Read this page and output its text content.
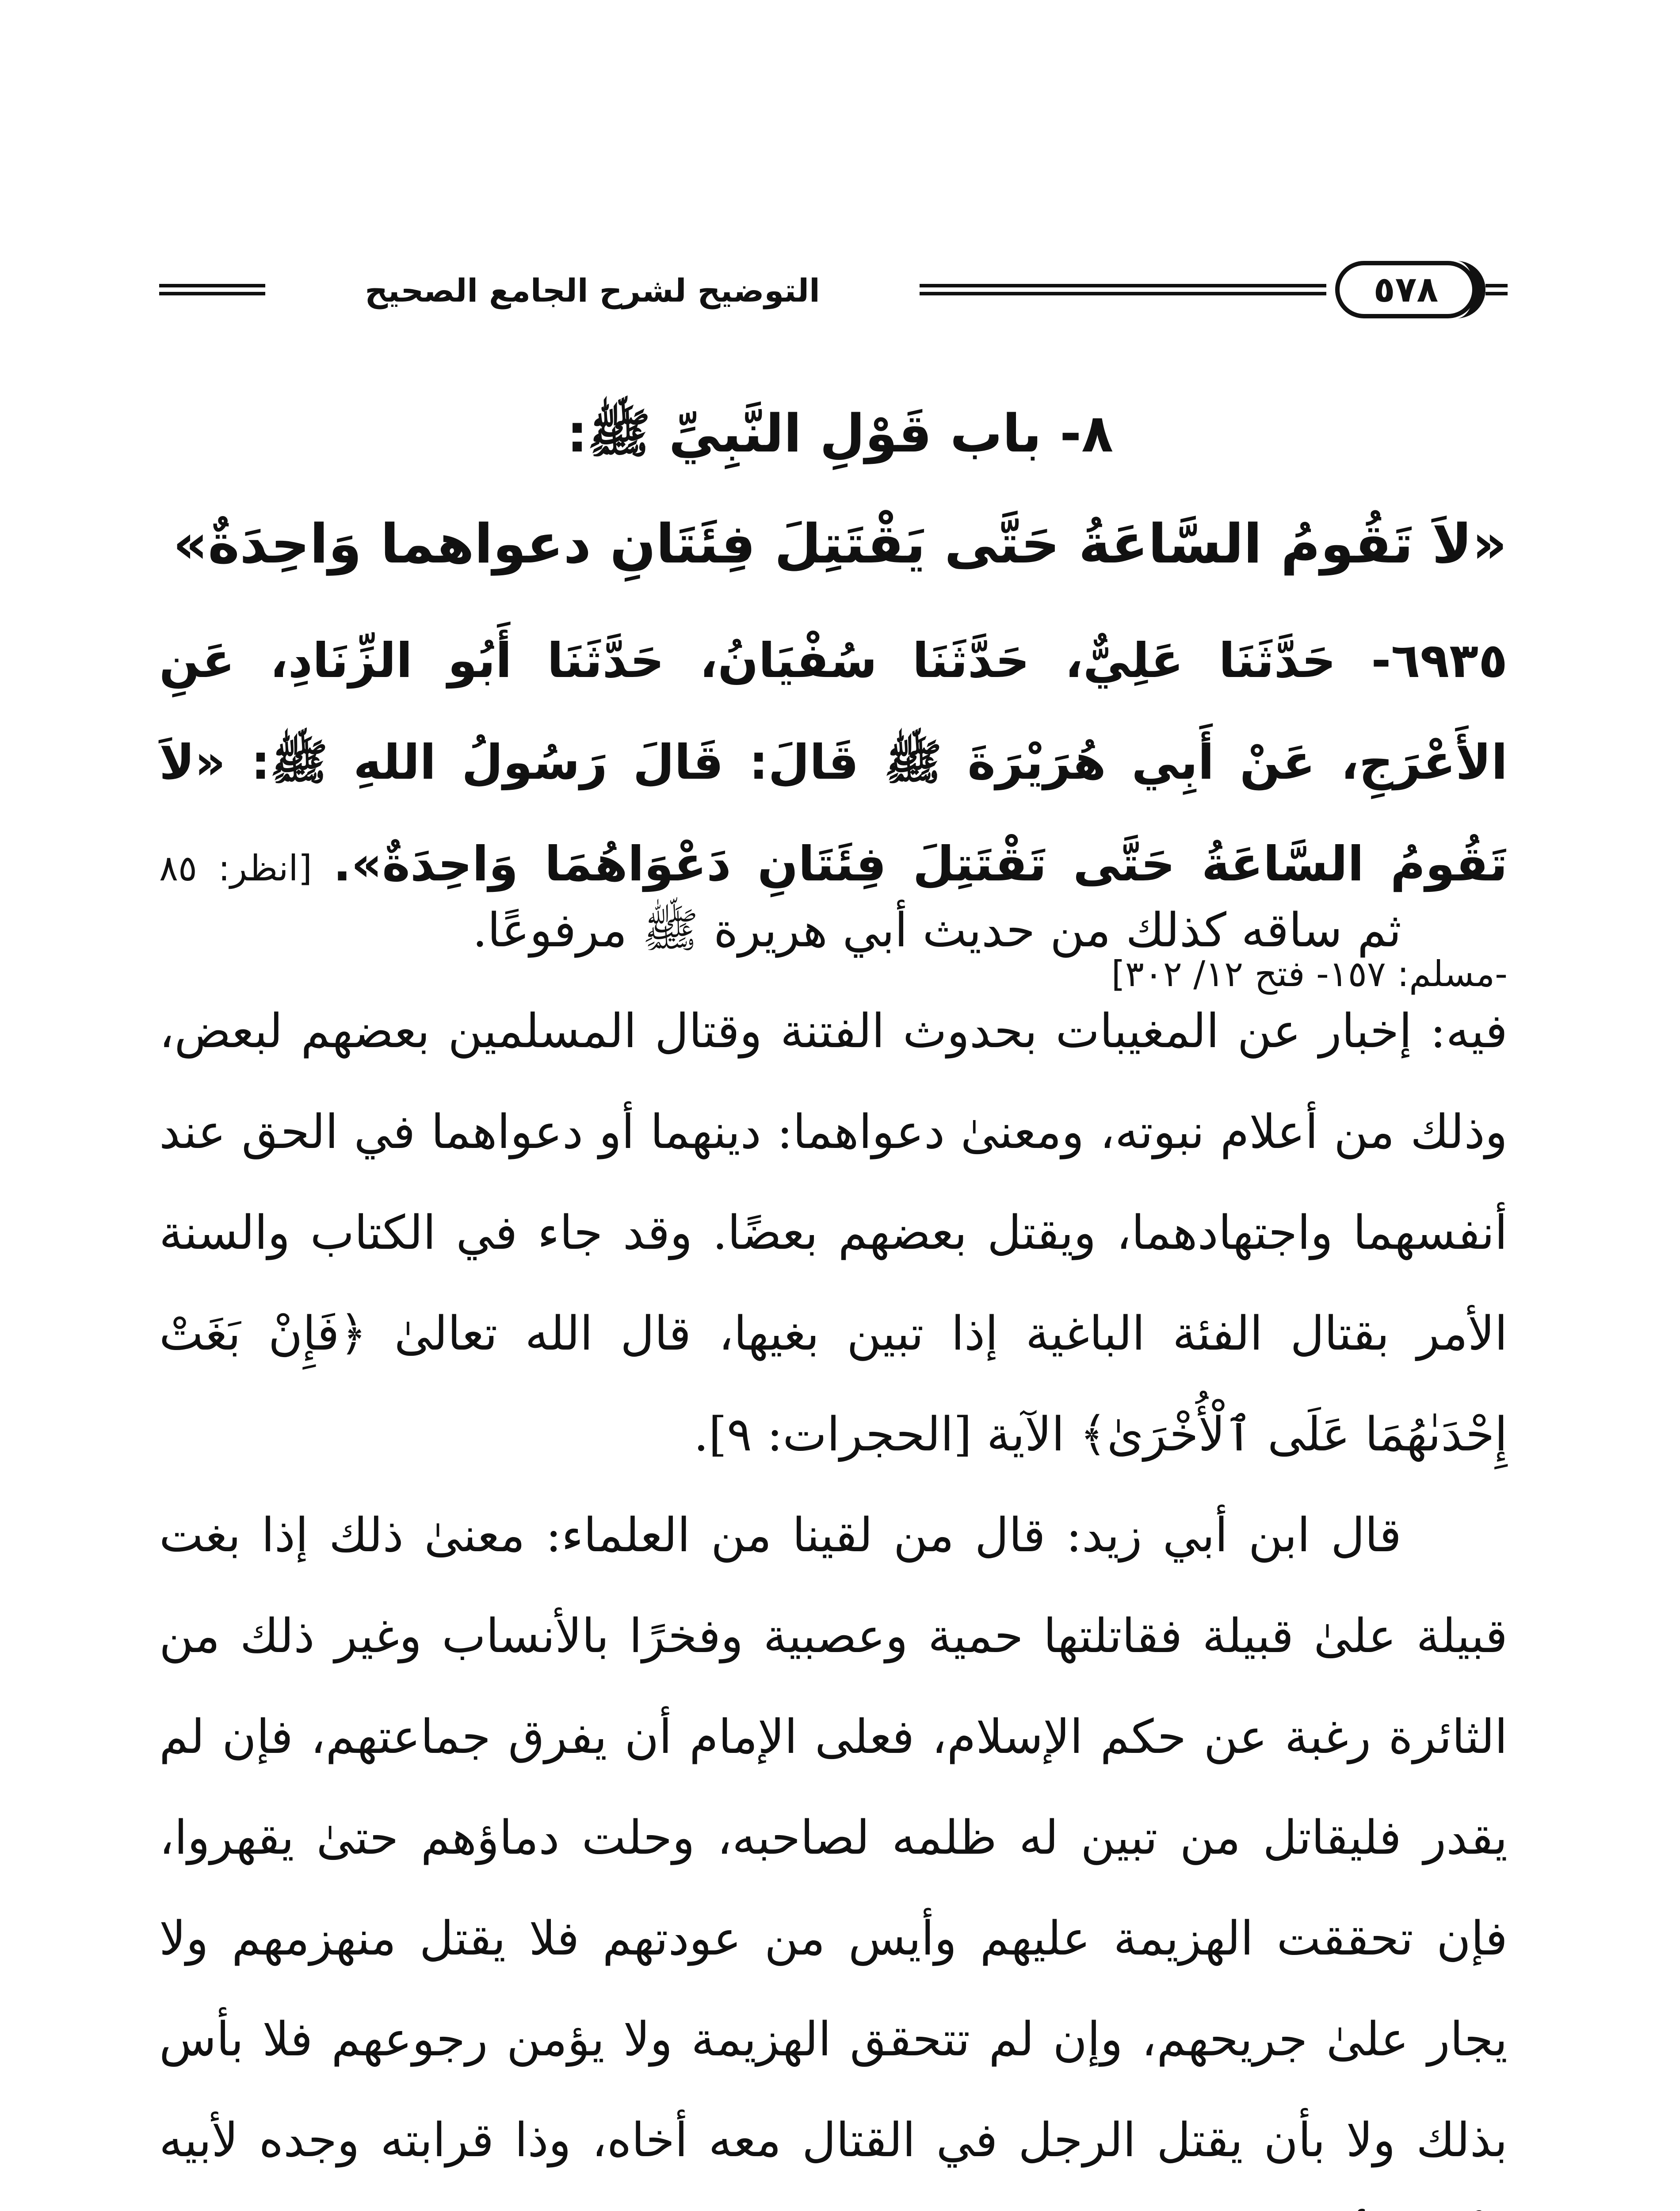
التوضيح لشرح الجامع الصحيح	٥٧٨
٨- باب قَوْلِ النَّبِيِّ ﷺ:
«لاَ تَقُومُ السَّاعَةُ حَتَّى يَقْتَتِلَ فِئَتَانِ دعواهما وَاحِدَةٌ»
٦٩٣٥- حَدَّثَنَا عَلِيٌّ، حَدَّثَنَا سُفْيَانُ، حَدَّثَنَا أَبُو الزِّنَادِ، عَنِ الأَعْرَجِ، عَنْ أَبِي هُرَيْرَةَ ﷺ قَالَ: قَالَ رَسُولُ اللهِ ﷺ: «لاَ تَقُومُ السَّاعَةُ حَتَّى تَقْتَتِلَ فِئَتَانِ دَعْوَاهُمَا وَاحِدَةٌ». [انظر: ٨٥ -مسلم: ١٥٧- فتح ١٢/ ٣٠٢]

ثم ساقه كذلك من حديث أبي هريرة ﷺ مرفوعًا.

فيه: إخبار عن المغيبات بحدوث الفتنة وقتال المسلمين بعضهم لبعض، وذلك من أعلام نبوته، ومعنىٰ دعواهما: دينهما أو دعواهما في الحق عند أنفسهما واجتهادهما، ويقتل بعضهم بعضًا. وقد جاء في الكتاب والسنة الأمر بقتال الفئة الباغية إذا تبين بغيها، قال الله تعالىٰ ﴿فَإِنْ بَغَتْ إِحْدَىٰهُمَا عَلَى ٱلْأُخْرَىٰ﴾ الآية [الحجرات: ٩].

قال ابن أبي زيد: قال من لقينا من العلماء: معنىٰ ذلك إذا بغت قبيلة علىٰ قبيلة فقاتلتها حمية وعصبية وفخرًا بالأنساب وغير ذلك من الثائرة رغبة عن حكم الإسلام، فعلى الإمام أن يفرق جماعتهم، فإن لم يقدر فليقاتل من تبين له ظلمه لصاحبه، وحلت دماؤهم حتىٰ يقهروا، فإن تحققت الهزيمة عليهم وأيس من عودتهم فلا يقتل منهزمهم ولا يجار علىٰ جريحهم، وإن لم تتحقق الهزيمة ولا يؤمن رجوعهم فلا بأس بذلك ولا بأن يقتل الرجل في القتال معه أخاه، وذا قرابته وجده لأبيه
